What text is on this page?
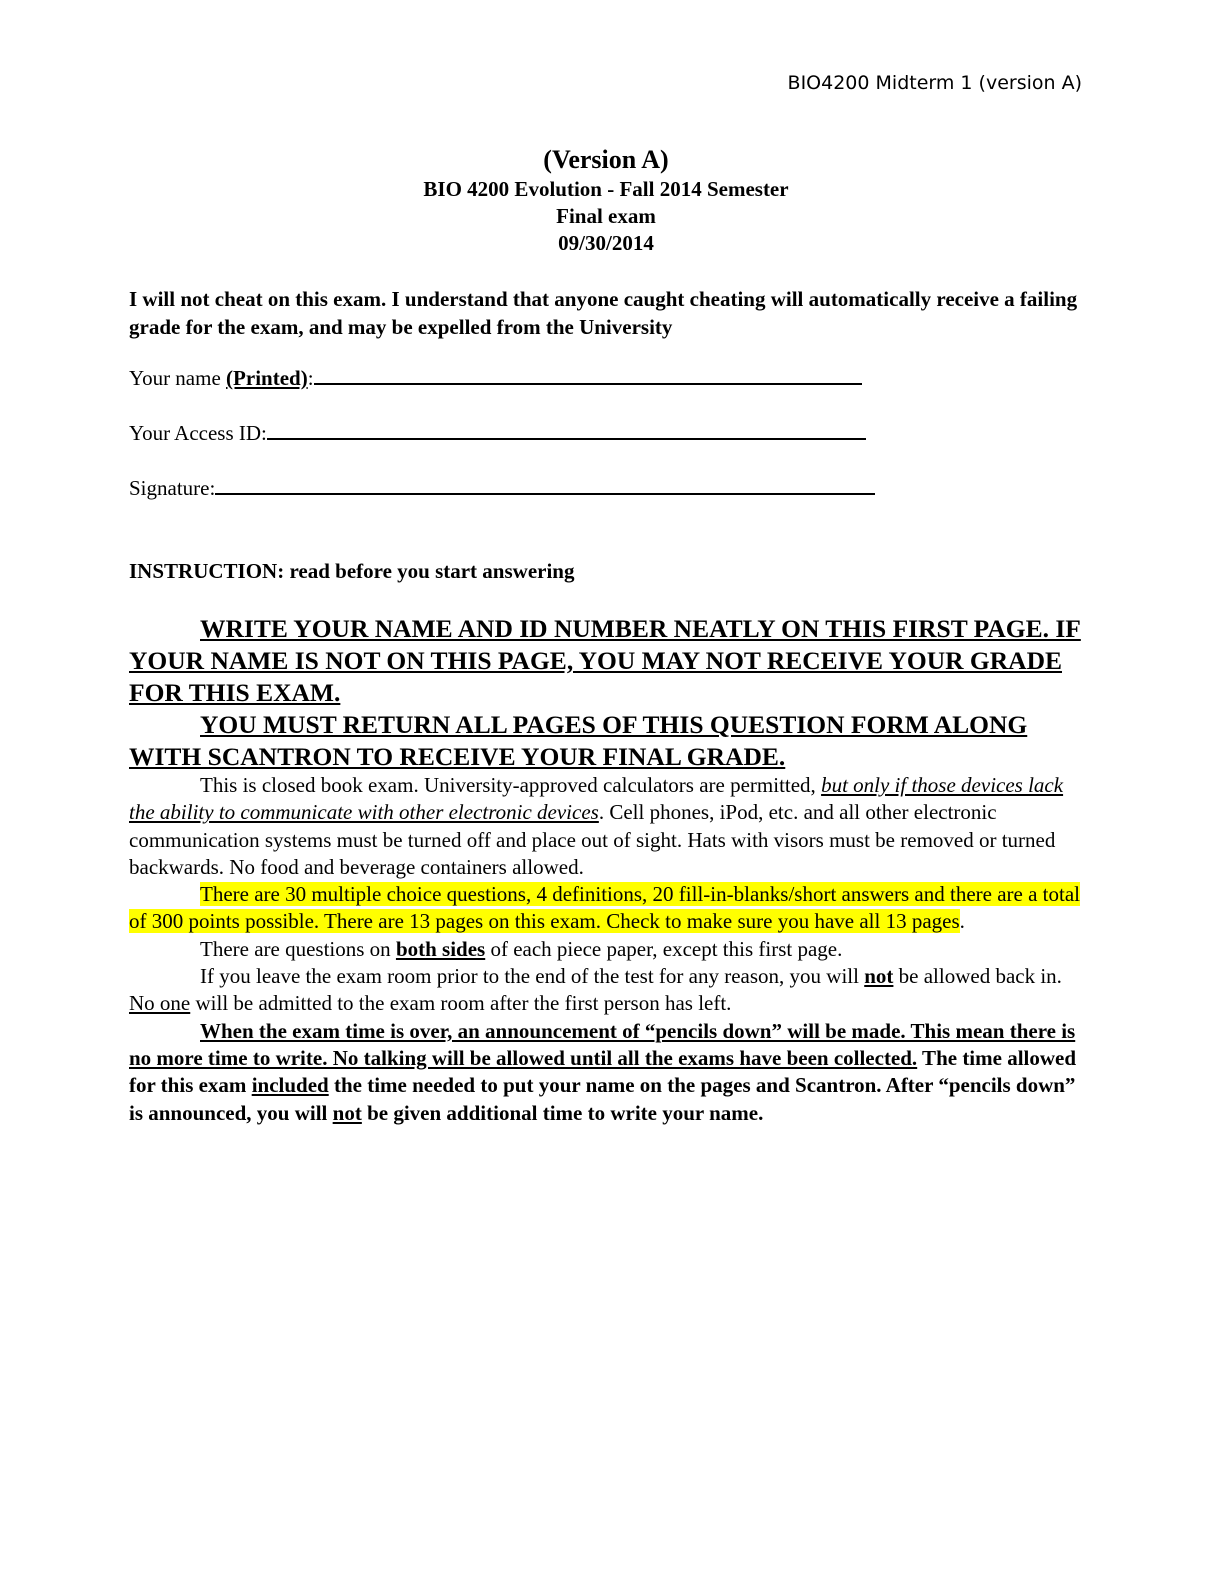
BIO4200 Midterm 1 (version A)
(Version A)
BIO 4200 Evolution - Fall 2014 Semester
Final exam
09/30/2014
I will not cheat on this exam. I understand that anyone caught cheating will automatically receive a failing grade for the exam, and may be expelled from the University
Your name (Printed):
Your Access ID:
Signature:
INSTRUCTION: read before you start answering

WRITE YOUR NAME AND ID NUMBER NEATLY ON THIS FIRST PAGE. IF YOUR NAME IS NOT ON THIS PAGE, YOU MAY NOT RECEIVE YOUR GRADE FOR THIS EXAM.

YOU MUST RETURN ALL PAGES OF THIS QUESTION FORM ALONG WITH SCANTRON TO RECEIVE YOUR FINAL GRADE.

This is closed book exam. University-approved calculators are permitted, but only if those devices lack the ability to communicate with other electronic devices. Cell phones, iPod, etc. and all other electronic communication systems must be turned off and place out of sight. Hats with visors must be removed or turned backwards. No food and beverage containers allowed.

There are 30 multiple choice questions, 4 definitions, 20 fill-in-blanks/short answers and there are a total of 300 points possible. There are 13 pages on this exam. Check to make sure you have all 13 pages.

There are questions on both sides of each piece paper, except this first page.

If you leave the exam room prior to the end of the test for any reason, you will not be allowed back in. No one will be admitted to the exam room after the first person has left.

When the exam time is over, an announcement of “pencils down” will be made. This mean there is no more time to write. No talking will be allowed until all the exams have been collected. The time allowed for this exam included the time needed to put your name on the pages and Scantron. After “pencils down” is announced, you will not be given additional time to write your name.
